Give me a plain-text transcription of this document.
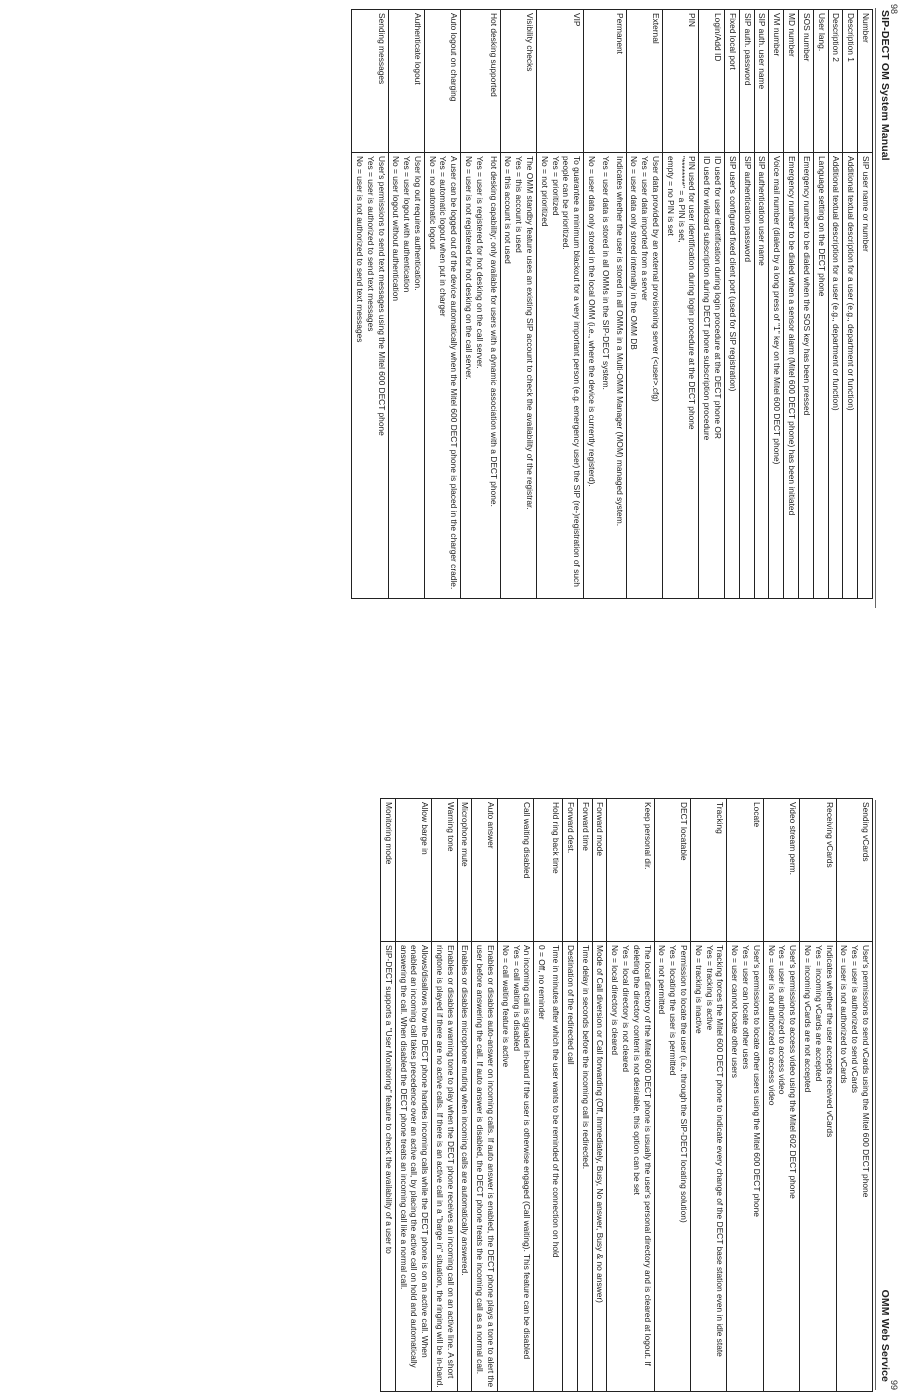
98
99
SIP-DECT OM System Manual
OMM Web Service
Number	SIP user name or number

Description 1	Additional textual description for a user (e.g., department or function)

Description 2	Additional textual description for a user (e.g., department or function)

User lang.	Language setting on the DECT phone

SOS number	Emergency number to be dialed when the SOS key has been pressed

MD number	Emergency number to be dialed when a sensor alarm (Mitel 600 DECT phone) has been initiated

VM number	Voice mail number (dialed by a long press of "1" key on the Mitel 600 DECT phone)

SIP auth. user name	SIP authentication user name

SIP auth. password	SIP authentication password

Fixed local port	SIP user's configured fixed client port (used for SIP registration)

Login/Add ID	ID used for user identification during login procedure at the DECT phone OR
ID used for wildcard subscription during DECT phone subscription procedure

PIN	PIN used for user identification during login procedure at the DECT phone
"********" = a PIN is set,
empty = no PIN is set

External	User data provided by an external provisioning server (<user>.cfg)
Yes = user data imported from a server
No = user data only stored internally in the OMM DB

Permanent	Indicates whether the user is stored in all OMMs in a Multi-OMM Manager (MOM) managed system.
Yes = user data is stored in all OMMs in the SIP-DECT system.
No = user data only stored in the local OMM (i.e., where the device is currently registerd).

VIP	To guarantee a minimum blackout for a very important person (e.g. emergency user) the SIP (re-)registration of such people can be prioritized.
Yes = prioritized
No = not prioritized

Visibility checks	The OMM standby feature uses an existing SIP account to check the availability of the registrar.
Yes = this account is used
No = this account is not used

Hot desking supported	Hot desking capability; only available for users with a dynamic association with a DECT phone.
Yes = user is registered for hot desking on the call server.
No = user is not registered for hot desking on the call server.

Auto logout on charging	A user can be logged out of the device automatically when the Mitel 600 DECT phone is placed in the charger cradle.
Yes = automatic logout when put in charger
No = no automatic logout

Authenticate logout	User log out requires authentication.
Yes = user logout with authentication
No = user logout without authentication

Sending messages	User's permissions to send text messages using the Mitel 600 DECT phone
Yes = user is authorized to send text messages
No = user is not authorized to send text messages
Sending vCards	User's permissions to send vCards using the Mitel 600 DECT phone
Yes = user is authorized to send vCards
No = user is not authorized to vCards

Receiving vCards	Indicates whether the user accepts received vCards
Yes = incoming vCards are accepted
No = incoming vCards are not accepted

Video stream perm.	User's permissions to access video using the Mitel 602 DECT phone
Yes = user is authorized to access video
No = user is not authorized to access video

Locate	User's permissions to locate other users using the Mitel 600 DECT phone
Yes = user can locate other users
No = user cannot locate other users

Tracking	Tracking forces the Mitel 600 DECT phone to indicate every change of the DECT base station even in idle state
Yes = tracking is active
No = tracking is inactive

DECT locatable	Permission to locate the user (i.e., through the SIP-DECT locating solution)
Yes = locating the user is permitted
No = not permitted

Keep personal dir.	The local directory of the Mitel 600 DECT phone is usually the user's personal directory and is cleared at logout. If deleting the directory content is not desirable, this option can be set
Yes = local directory is not cleared
No = local directory is cleared

Forward mode	Mode of Call diversion or Call forwarding (Off, Immediately, Busy, No answer, Busy & no answer)

Forward time	Time delay in seconds before the incoming call is redirected.

Forward dest.	Destination of the redirected call

Hold ring back time	Time in minutes after which the user wants to be reminded of the connection on hold
0 = Off, no reminder

Call waiting disabled	An incoming call is signaled in-band if the user is otherwise engaged (Call waiting). This feature can be disabled
Yes = call waiting is disabled
No = call waiting feature is active

Auto answer	Enables or disables auto-answer on incoming calls. If auto answer is enabled, the DECT phone plays a tone to alert the user before answering the call. If auto answer is disabled, the DECT phone treats the incoming call as a normal call.

Microphone mute	Enables or disables microphone muting when incoming calls are automatically answered.

Warning tone	Enables or disables a warning tone to play when the DECT phone receives an incoming call on an active line. A short ringtone is played if there are no active calls. If there is an active call in a "barge in" situation, the ringing will be in-band.

Allow barge in	Allows/disallows how the DECT phone handles incoming calls while the DECT phone is on an active call. When enabled an incoming call takes precedence over an active call, by placing the active call on hold and automatically answering the call. When disabled the DECT phone treats an incoming call like a normal call.

Monitoring mode	SIP-DECT supports a "User Monitoring" feature to check the availability of a user to
